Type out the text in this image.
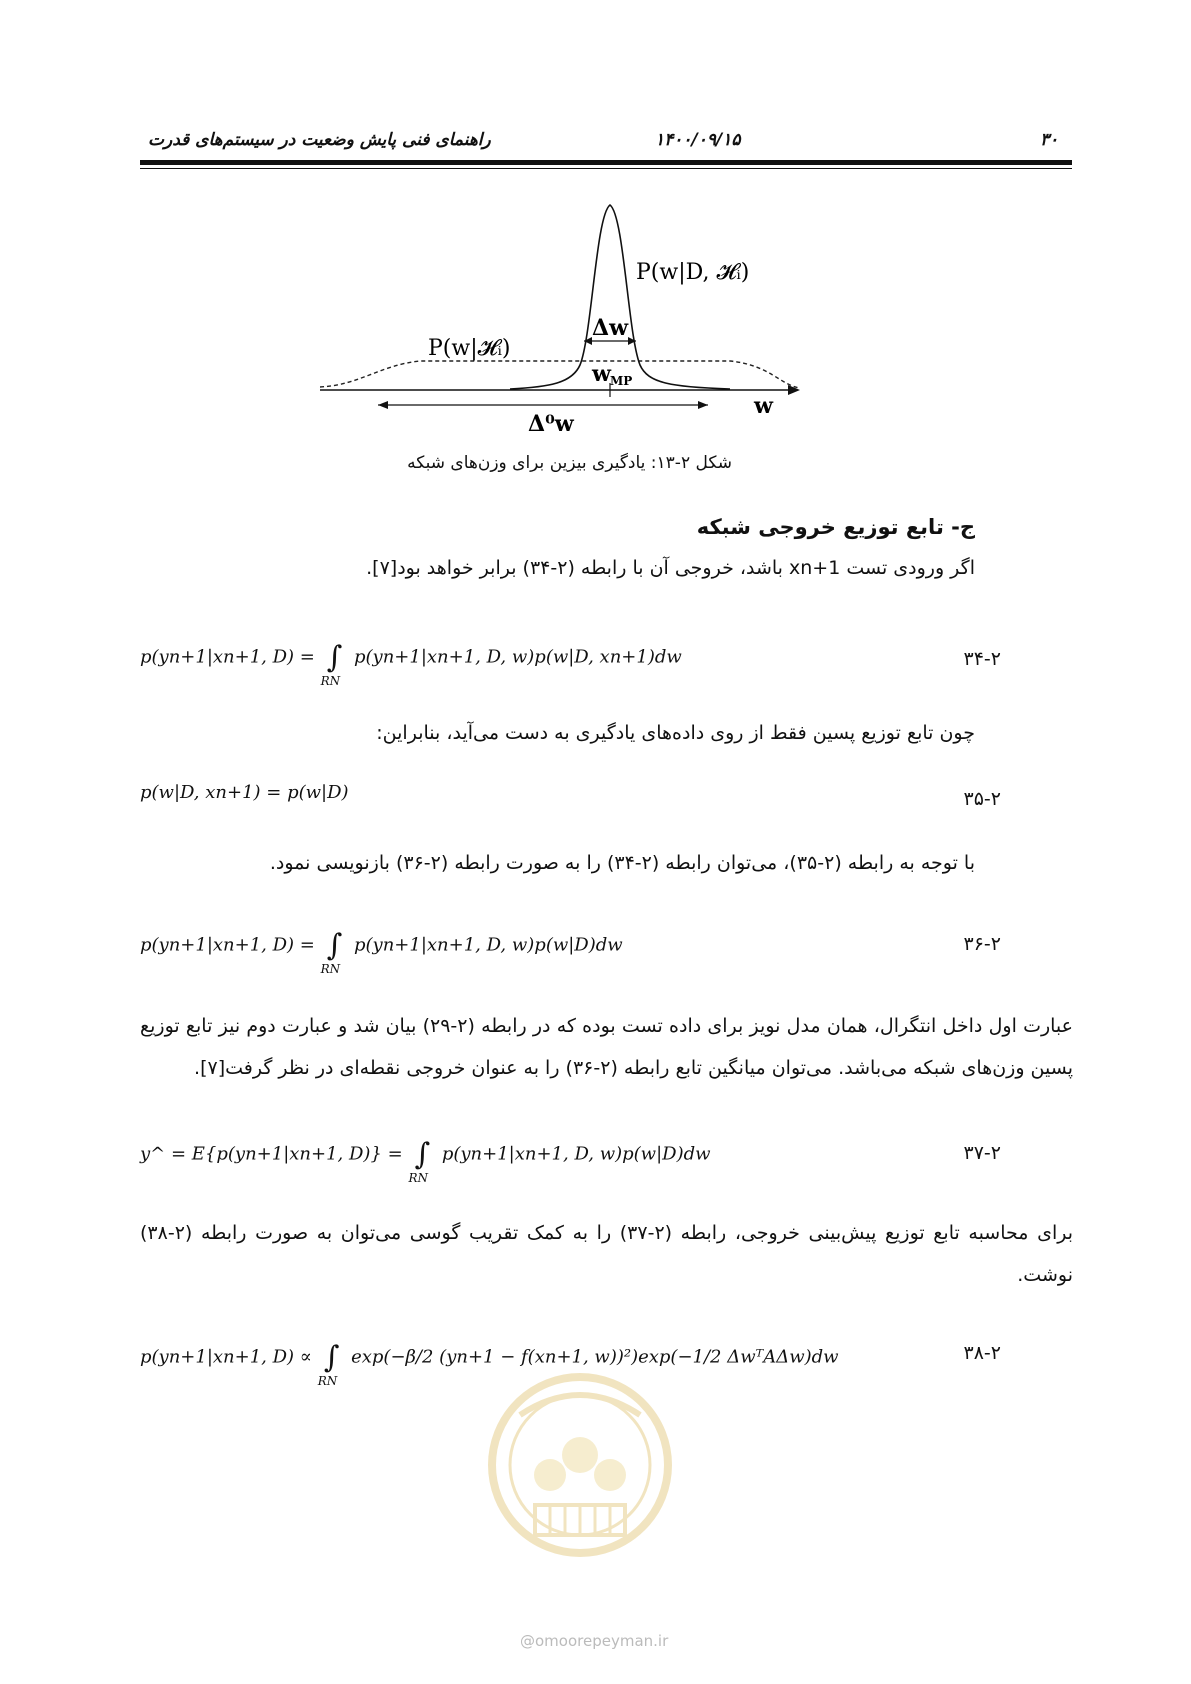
راهنمای فنی پایش وضعیت در سیستم‌های قدرت	۱۴۰۰/۰۹/۱۵	۳۰
P(w|D, 𝓗ᵢ)
P(w|𝓗ᵢ)
Δw
w MP
w
Δ⁰w
شکل ۲-۱۳: یادگیری بیزین برای وزن‌های شبکه
ج- تابع توزیع خروجی شبکه
اگر ورودی تست xn+1 باشد، خروجی آن با رابطه (۲-۳۴) برابر خواهد بود[۷].
p(yn+1|xn+1, D) = ∫
RN
p(yn+1|xn+1, D, w)p(w|D, xn+1)dw	۳۴-۲
چون تابع توزیع پسین فقط از روی داده‌های یادگیری به دست می‌آید، بنابراین:
p(w|D, xn+1) = p(w|D)	۳۵-۲
با توجه به رابطه (۲-۳۵)، می‌توان رابطه (۲-۳۴) را به صورت رابطه (۲-۳۶) بازنویسی نمود.
p(yn+1|xn+1, D) = ∫
RN
p(yn+1|xn+1, D, w)p(w|D)dw	۳۶-۲
عبارت اول داخل انتگرال، همان مدل نویز برای داده تست بوده که در رابطه (۲-۲۹) بیان شد و عبارت دوم نیز تابع توزیع پسین وزن‌های شبکه می‌باشد. می‌توان میانگین تابع رابطه (۲-۳۶) را به عنوان خروجی نقطه‌ای در نظر گرفت[۷].
y^ = E{p(yn+1|xn+1, D)} = ∫
RN
p(yn+1|xn+1, D, w)p(w|D)dw	۳۷-۲
برای محاسبه تابع توزیع پیش‌بینی خروجی، رابطه (۲-۳۷) را به کمک تقریب گوسی می‌توان به صورت رابطه (۲-۳۸) نوشت.
p(yn+1|xn+1, D) ∝ ∫
RN
exp(−β/2 (yn+1 − f(xn+1, w))²)exp(−1/2 ΔwᵀAΔw)dw	۳۸-۲
@omoorepeyman.ir
